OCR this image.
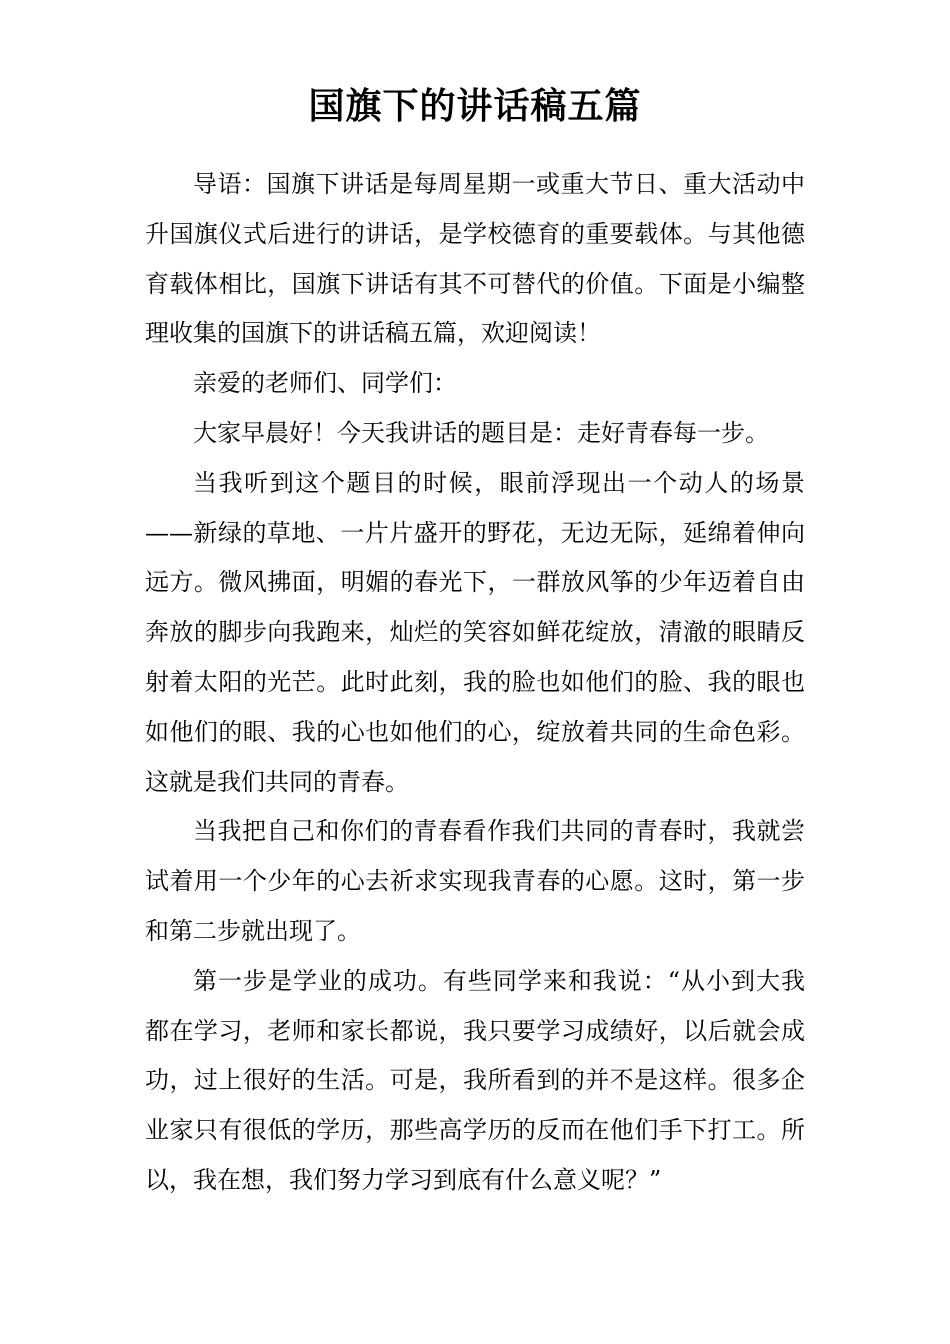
国旗下的讲话稿五篇

导语：国旗下讲话是每周星期一或重大节日、重大活动中升国旗仪式后进行的讲话，是学校德育的重要载体。与其他德育载体相比，国旗下讲话有其不可替代的价值。下面是小编整理收集的国旗下的讲话稿五篇，欢迎阅读！

亲爱的老师们、同学们：

大家早晨好！今天我讲话的题目是：走好青春每一步。

当我听到这个题目的时候，眼前浮现出一个动人的场景——新绿的草地、一片片盛开的野花，无边无际，延绵着伸向远方。微风拂面，明媚的春光下，一群放风筝的少年迈着自由奔放的脚步向我跑来，灿烂的笑容如鲜花绽放，清澈的眼睛反射着太阳的光芒。此时此刻，我的脸也如他们的脸、我的眼也如他们的眼、我的心也如他们的心，绽放着共同的生命色彩。这就是我们共同的青春。

当我把自己和你们的青春看作我们共同的青春时，我就尝试着用一个少年的心去祈求实现我青春的心愿。这时，第一步和第二步就出现了。

第一步是学业的成功。有些同学来和我说：“从小到大我都在学习，老师和家长都说，我只要学习成绩好，以后就会成功，过上很好的生活。可是，我所看到的并不是这样。很多企业家只有很低的学历，那些高学历的反而在他们手下打工。所以，我在想，我们努力学习到底有什么意义呢？”
